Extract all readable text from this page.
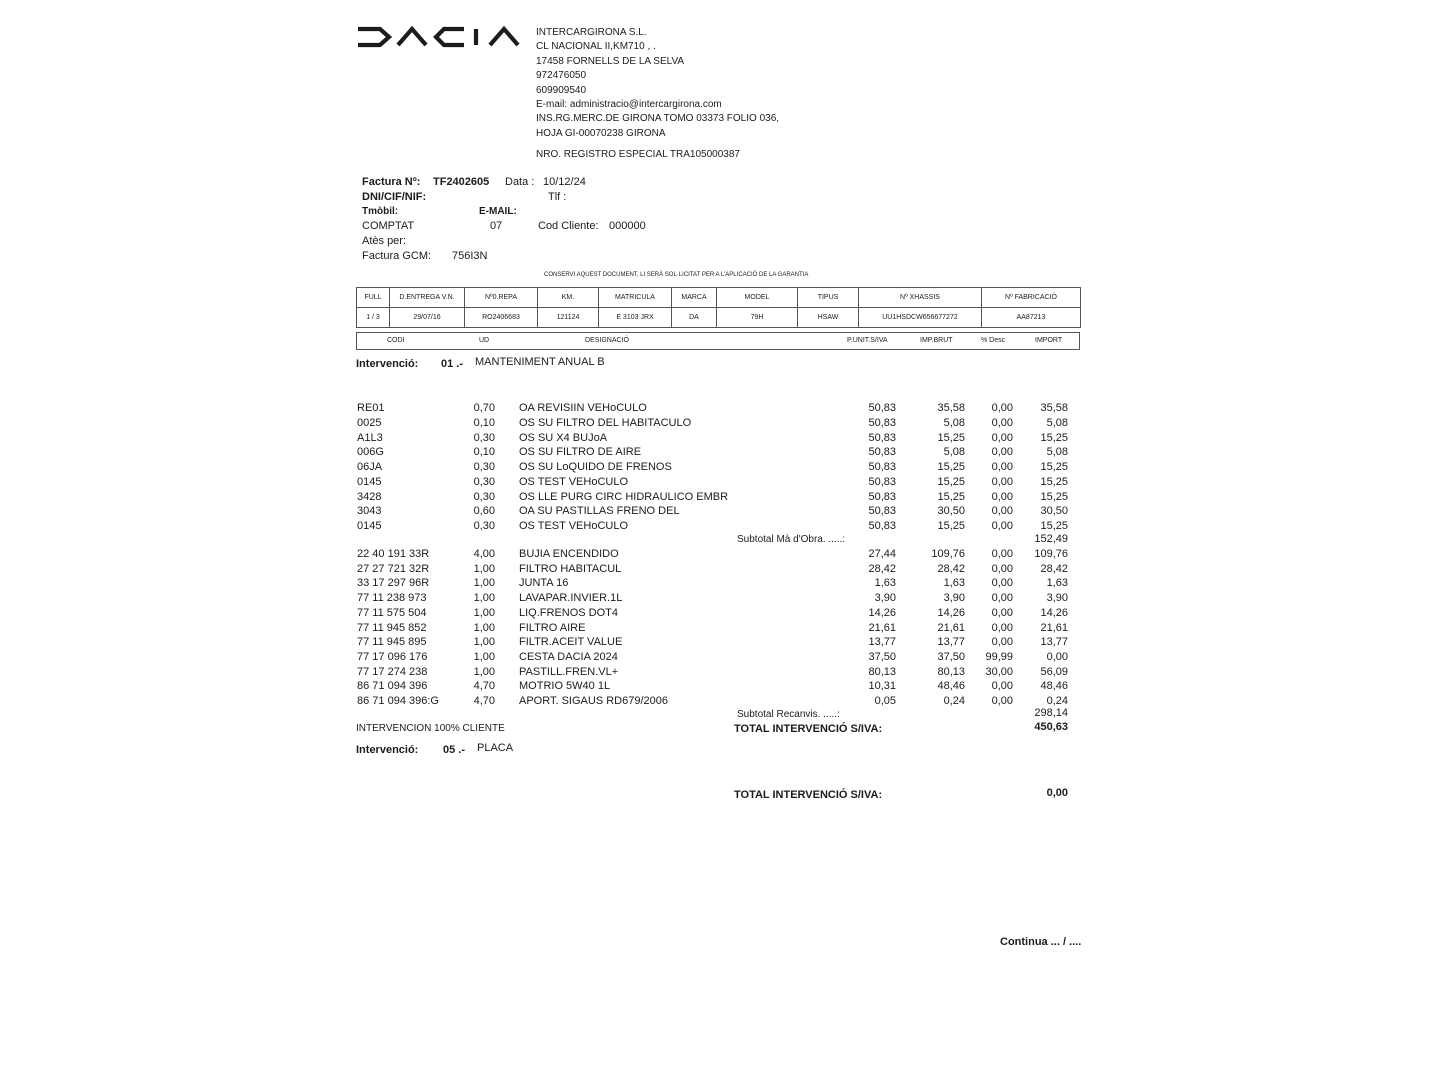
INTERCARGIRONA S.L.
CL NACIONAL II,KM710 , .
17458 FORNELLS DE LA SELVA
972476050
609909540
E-mail: administracio@intercargirona.com
INS.RG.MERC.DE GIRONA TOMO 03373 FOLIO 036,
HOJA GI-00070238 GIRONA
NRO. REGISTRO ESPECIAL TRA105000387
Factura Nº: TF2402605 Data : 10/12/24
DNI/CIF/NIF:	Tlf :
Tmòbil:	E-MAIL:
COMPTAT	07	Cod Cliente: 000000
Atès per:
Factura GCM: 756I3N
CONSERVI AQUEST DOCUMENT, LI SERÀ SOL·LICITAT PER A L'APLICACIÓ DE LA GARANTIA
FULL	D.ENTREGA V.N.	Nº0.REPA	KM.	MATRICULA	MARCA	MODEL	TIPUS	Nº XHASSIS	Nº FABRICACIÓ
1 / 3	29/07/16	RO2406683	121124	E 3103 JRX	DA	79H	HSAW	UU1HSDCW656677272	AA87213
CODI	UD	DESIGNACIÓ	P.UNIT.S/IVA	IMP.BRUT	% Desc	IMPORT
Intervenció: 01 .- MANTENIMENT ANUAL B
RE01	0,70 OA REVISIIN VEHoCULO	50,83	35,58	0,00	35,58
0025	0,10 OS SU FILTRO DEL HABITACULO	50,83	5,08	0,00	5,08
A1L3	0,30 OS SU X4 BUJoA	50,83	15,25	0,00	15,25
006G	0,10 OS SU FILTRO DE AIRE	50,83	5,08	0,00	5,08
06JA	0,30 OS SU LoQUIDO DE FRENOS	50,83	15,25	0,00	15,25
0145	0,30 OS TEST VEHoCULO	50,83	15,25	0,00	15,25
3428	0,30 OS LLE PURG CIRC HIDRAULICO EMBR	50,83	15,25	0,00	15,25
3043	0,60 OA SU PASTILLAS FRENO DEL	50,83	30,50	0,00	30,50
0145	0,30 OS TEST VEHoCULO	50,83	15,25	0,00	15,25
22 40 191 33R	4,00 BUJIA ENCENDIDO	27,44	109,76	0,00	109,76
27 27 721 32R	1,00 FILTRO HABITACUL	28,42	28,42	0,00	28,42
33 17 297 96R	1,00 JUNTA 16	1,63	1,63	0,00	1,63
77 11 238 973	1,00 LAVAPAR.INVIER.1L	3,90	3,90	0,00	3,90
77 11 575 504	1,00 LIQ.FRENOS DOT4	14,26	14,26	0,00	14,26
77 11 945 852	1,00 FILTRO AIRE	21,61	21,61	0,00	21,61
77 11 945 895	1,00 FILTR.ACEIT VALUE	13,77	13,77	0,00	13,77
77 17 096 176	1,00 CESTA DACIA 2024	37,50	37,50	99,99	0,00
77 17 274 238	1,00 PASTILL.FREN.VL+	80,13	80,13	30,00	56,09
86 71 094 396	4,70 MOTRIO 5W40 1L	10,31	48,46	0,00	48,46
86 71 094 396:G	4,70 APORT. SIGAUS RD679/2006	0,05	0,24	0,00	0,24
Subtotal Mà d'Obra. .....:	152,49
Subtotal Recanvis. .....:	298,14
INTERVENCION 100% CLIENTE	TOTAL INTERVENCIÓ S/IVA:	450,63
Intervenció: 05 .- PLACA
TOTAL INTERVENCIÓ S/IVA:	0,00
Continua ... / ....
